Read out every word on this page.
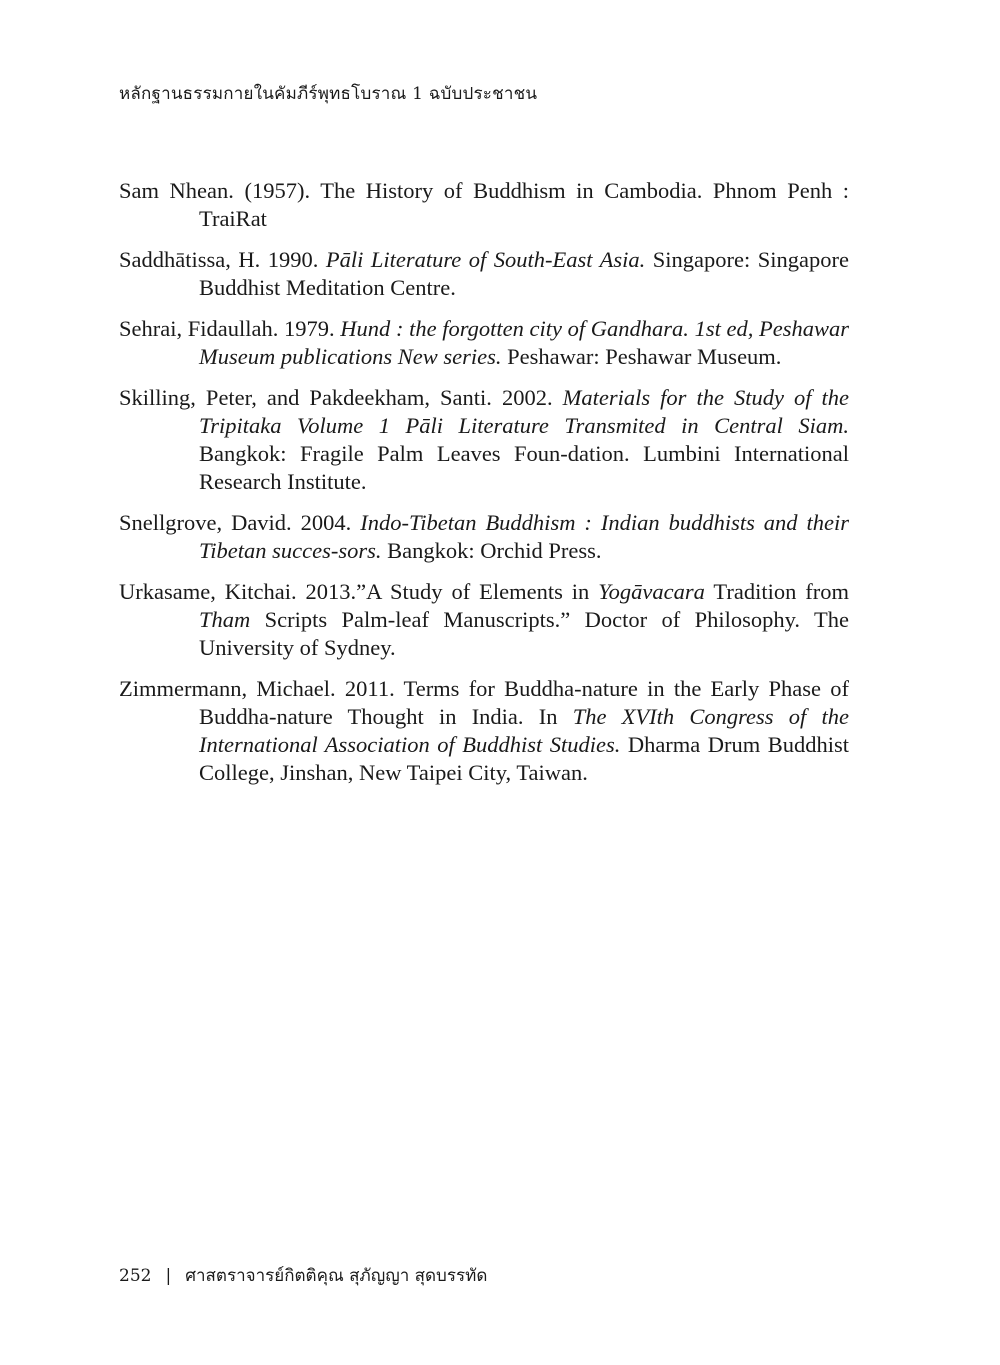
หลักฐานธรรมกายในคัมภีร์พุทธโบราณ 1 ฉบับประชาชน
Sam Nhean. (1957). The History of Buddhism in Cambodia. Phnom Penh : TraiRat
Saddhātissa, H. 1990. Pāli Literature of South-East Asia. Singapore: Singapore Buddhist Meditation Centre.
Sehrai, Fidaullah. 1979. Hund : the forgotten city of Gandhara. 1st ed, Peshawar Museum publications New series. Peshawar: Peshawar Museum.
Skilling, Peter, and Pakdeekham, Santi. 2002. Materials for the Study of the Tripitaka Volume 1 Pāli Literature Transmited in Central Siam. Bangkok: Fragile Palm Leaves Foun-dation. Lumbini International Research Institute.
Snellgrove, David. 2004. Indo-Tibetan Buddhism : Indian buddhists and their Tibetan succes-sors. Bangkok: Orchid Press.
Urkasame, Kitchai. 2013.”A Study of Elements in Yogāvacara Tradition from Tham Scripts Palm-leaf Manuscripts.” Doctor of Philosophy. The University of Sydney.
Zimmermann, Michael. 2011. Terms for Buddha-nature in the Early Phase of Buddha-nature Thought in India. In The XVIth Congress of the International Association of Buddhist Studies. Dharma Drum Buddhist College, Jinshan, New Taipei City, Taiwan.
252 | ศาสตราจารย์กิตติคุณ สุภัญญา สุดบรรทัด
